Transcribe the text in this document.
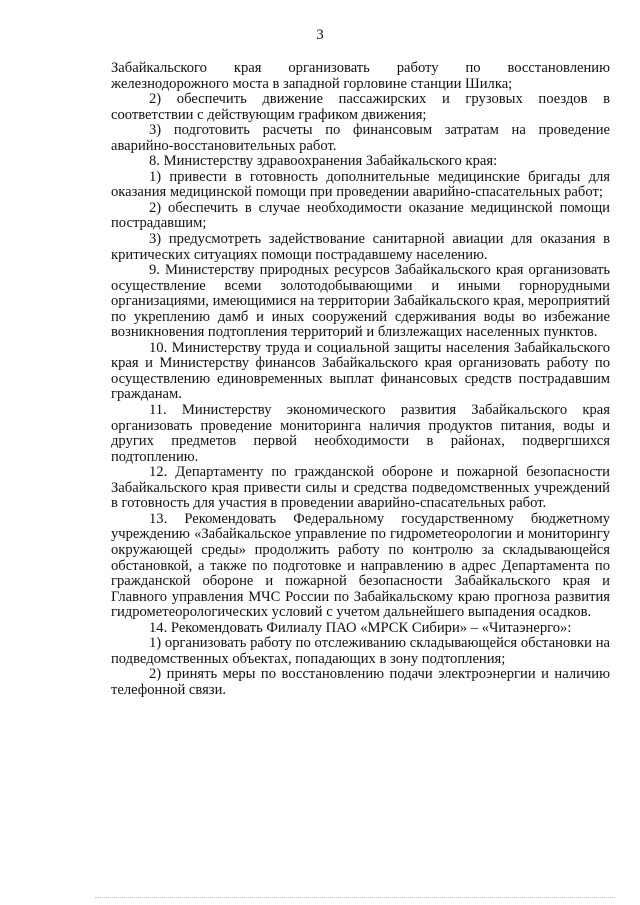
3

Забайкальского края организовать работу по восстановлению железнодорожного моста в западной горловине станции Шилка;

2) обеспечить движение пассажирских и грузовых поездов в соответствии с действующим графиком движения;

3) подготовить расчеты по финансовым затратам на проведение аварийно-восстановительных работ.

8. Министерству здравоохранения Забайкальского края:

1) привести в готовность дополнительные медицинские бригады для оказания медицинской помощи при проведении аварийно-спасательных работ;

2) обеспечить в случае необходимости оказание медицинской помощи пострадавшим;

3) предусмотреть задействование санитарной авиации для оказания в критических ситуациях помощи пострадавшему населению.

9. Министерству природных ресурсов Забайкальского края организовать осуществление всеми золотодобывающими и иными горнорудными организациями, имеющимися на территории Забайкальского края, мероприятий по укреплению дамб и иных сооружений сдерживания воды во избежание возникновения подтопления территорий и близлежащих населенных пунктов.

10. Министерству труда и социальной защиты населения Забайкальского края и Министерству финансов Забайкальского края организовать работу по осуществлению единовременных выплат финансовых средств пострадавшим гражданам.

11. Министерству экономического развития Забайкальского края организовать проведение мониторинга наличия продуктов питания, воды и других предметов первой необходимости в районах, подвергшихся подтоплению.

12. Департаменту по гражданской обороне и пожарной безопасности Забайкальского края привести силы и средства подведомственных учреждений в готовность для участия в проведении аварийно-спасательных работ.

13. Рекомендовать Федеральному государственному бюджетному учреждению «Забайкальское управление по гидрометеорологии и мониторингу окружающей среды» продолжить работу по контролю за складывающейся обстановкой, а также по подготовке и направлению в адрес Департамента по гражданской обороне и пожарной безопасности Забайкальского края и Главного управления МЧС России по Забайкальскому краю прогноза развития гидрометеорологических условий с учетом дальнейшего выпадения осадков.

14. Рекомендовать Филиалу ПАО «МРСК Сибири» – «Читаэнерго»:

1) организовать работу по отслеживанию складывающейся обстановки на подведомственных объектах, попадающих в зону подтопления;

2) принять меры по восстановлению подачи электроэнергии и наличию телефонной связи.
